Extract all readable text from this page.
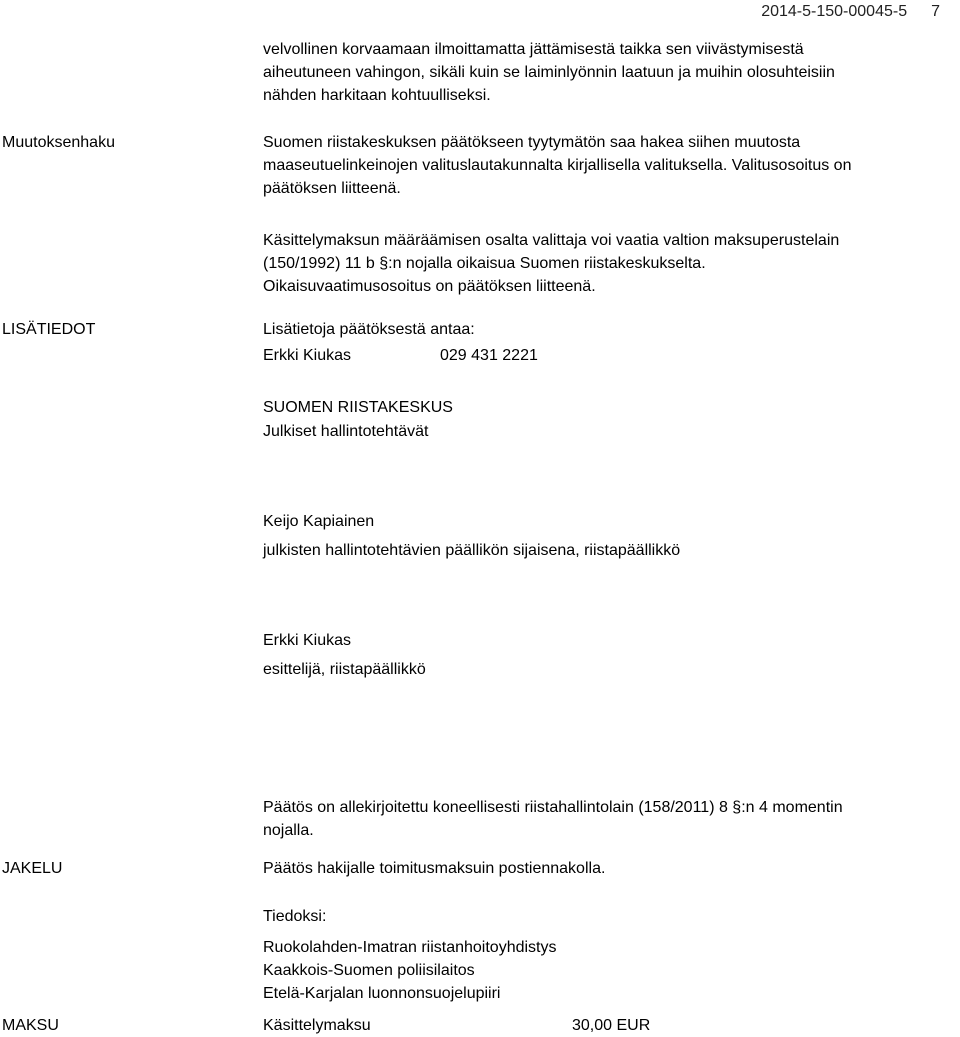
2014-5-150-00045-5 7

velvollinen korvaamaan ilmoittamatta jättämisestä taikka sen viivästymisestä

aiheutuneen vahingon, sikäli kuin se laiminlyönnin laatuun ja muihin olosuhteisiin

nähden harkitaan kohtuulliseksi.

Muutoksenhaku	Suomen riistakeskuksen päätökseen tyytymätön saa hakea siihen muutosta

maaseutuelinkeinojen valituslautakunnalta kirjallisella valituksella. Valitusosoitus on

päätöksen liitteenä.

Käsittelymaksun määräämisen osalta valittaja voi vaatia valtion maksuperustelain

(150/1992) 11 b §:n nojalla oikaisua Suomen riistakeskukselta.

Oikaisuvaatimusosoitus on päätöksen liitteenä.

LISÄTIEDOT	Lisätietoja päätöksestä antaa:
Erkki Kiukas	029 431 2221
SUOMEN RIISTAKESKUS
Julkiset hallintotehtävät
Keijo Kapiainen
julkisten hallintotehtävien päällikön sijaisena, riistapäällikkö
Erkki Kiukas
esittelijä, riistapäällikkö

Päätös on allekirjoitettu koneellisesti riistahallintolain (158/2011) 8 §:n 4 momentin

nojalla.

JAKELU	Päätös hakijalle toimitusmaksuin postiennakolla.
Tiedoksi:

Ruokolahden-Imatran riistanhoitoyhdistys

Kaakkois-Suomen poliisilaitos

Etelä-Karjalan luonnonsuojelupiiri

MAKSU	Käsittelymaksu	30,00 EUR
